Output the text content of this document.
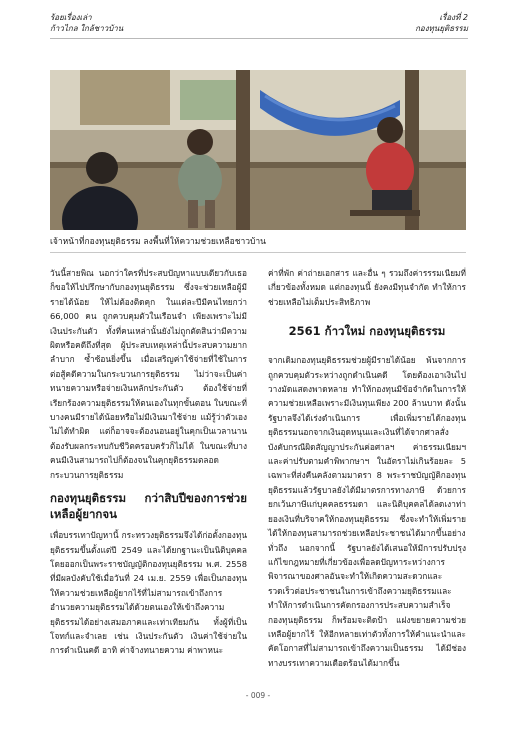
ร้อยเรื่องเล่า
ก้าวไกล ใกล้ชาวบ้าน
เรื่องที่ 2
กองทุนยุติธรรม
เจ้าหน้าที่กองทุนยุติธรรม ลงพื้นที่ให้ความช่วยเหลือชาวบ้าน

วันนี้สายพิณ นอกว่าใครที่ประสบปัญหาแบบเดียวกับเธอก็ขอให้ไปปรึกษากับกองทุนยุติธรรม ซึ่งจะช่วยเหลือผู้มีรายได้น้อย ให้ไม่ต้องติดคุก ในแต่ละปีมีคนไทยกว่า 66,000 คน ถูกควบคุมตัวในเรือนจำ เพียงเพราะไม่มีเงินประกันตัว ทั้งที่คนเหล่านั้นยังไม่ถูกตัดสินว่ามีความผิดหรือคดีถึงที่สุด ผู้ประสบเหตุเหล่านี้ประสบความยากลำบาก ซ้ำซ้อนยิ่งขึ้น เมื่อเสริญค่าใช้จ่ายที่ใช้ในการต่อสู้คดีความในกระบวนการยุติธรรม ไม่ว่าจะเป็นค่าทนายความหรือจ่ายเงินหลักประกันตัว ต้องใช้จ่ายที่เรียกร้องความยุติธรรมให้ตนเองในทุกขั้นตอน ในขณะที่บางคนมีรายได้น้อยหรือไม่มีเงินมาใช้จ่าย แม้รู้ว่าตัวเองไม่ได้ทำผิด แต่ก็อาจจะต้องนอนอยู่ในคุกเป็นเวลานาน ต้องรับผลกระทบกับชีวิตครอบครัวก็ไม่ได้ ในขณะที่บางคนมีเงินสามารถไปก็ต้องจนในคุกยุติธรรมตลอดกระบวนการยุติธรรม

กองทุนยุติธรรม กว่าสิบปีของการช่วยเหลือผู้ยากจน

เพื่อบรรเทาปัญหานี้ กระทรวงยุติธรรมจึงได้ก่อตั้งกองทุนยุติธรรมขึ้นตั้งแต่ปี 2549 และได้ยกฐานะเป็นนิติบุคคล โดยออกเป็นพระราชบัญญัติกองทุนยุติธรรม พ.ศ. 2558 ที่มีผลบังคับใช้เมื่อวันที่ 24 เม.ย. 2559 เพื่อเป็นกองทุนให้ความช่วยเหลือผู้ยากไร้ที่ไม่สามารถเข้าถึงการอำนวยความยุติธรรมได้ด้วยตนเองให้เข้าถึงความยุติธรรมได้อย่างเสมอภาคและเท่าเทียมกัน ทั้งผู้ที่เป็นโจทก์และจำเลย เช่น เงินประกันตัว เงินค่าใช้จ่ายในการดำเนินคดี อาทิ ค่าจ้างทนายความ ค่าพาหนะ

ค่าที่พัก ค่าถ่ายเอกสาร และอื่น ๆ รวมถึงค่ารรรมเนียมที่เกี่ยวข้องทั้งหมด แต่กองทุนนี้ ยังคงมีทุนจำกัด ทำให้การช่วยเหลือไม่เต็มประสิทธิภาพ

2561 ก้าวใหม่ กองทุนยุติธรรม

จากเดิมกองทุนยุติธรรมช่วยผู้มีรายได้น้อย พ้นจากการถูกควบคุมตัวระหว่างถูกดำเนินคดี โดยต้องเอาเงินไปวางมัดแสดงพาดหลาย ทำให้กองทุนมีข้อจำกัดในการให้ความช่วยเหลือเพราะมีเงินทุนเพียง 200 ล้านบาท ดังนั้นรัฐบาลจึงได้เร่งดำเนินการ เพื่อเพิ่มรายได้กองทุนยุติธรรมนอกจากเงินอุดหนุนและเงินที่ได้จากศาลสั่งบังคับกรณีผิดสัญญาประกันค่อศาลฯ ค่าธรรมเนียมฯ และค่าปรับตามคำพิพากษาฯ ในอัตราไม่เกินร้อยละ 5 เฉพาะที่ส่งคืนคลังตามมาตรา 8 พระราชบัญญัติกองทุนยุติธรรมแล้วรัฐบาลยังได้มีมาตรการทางภาษี ด้วยการยกเว้นภาษีแก่บุคคลธรรมดา และนิติบุคคลได้ลดเงาท่ายองเงินที่บริจาคให้กองทุนยุติธรรม ซึ่งจะทำให้เพิ่มรายได้ให้กองทุนสามารถช่วยเหลือประชาชนได้มากขึ้นอย่างทั่วถึง นอกจากนี้ รัฐบาลยังได้เสนอให้มีการปรับปรุงแก้ไขกฎหมายที่เกี่ยวข้องเพื่อลดปัญหาระหว่างการพิจารณาของศาลอันจะทำให้เกิดความสะดวกและรวดเร็วต่อประชาชนในการเข้าถึงความยุติธรรมและทำให้การดำเนินการคัดกรองการประสบความสำเร็จกองทุนยุติธรรม ก็พร้อมจะติดป้า แฝงขยายความช่วยเหลือผู้ยากไร้ ให้อีกหลายเท่าตัวทั้งการให้คำแนะนำและคัดโอกาสที่ไม่สามารถเข้าถึงความเป็นธรรม ได้มีช่องทางบรรเทาความเดือดร้อนได้มากขึ้น

- 009 -
